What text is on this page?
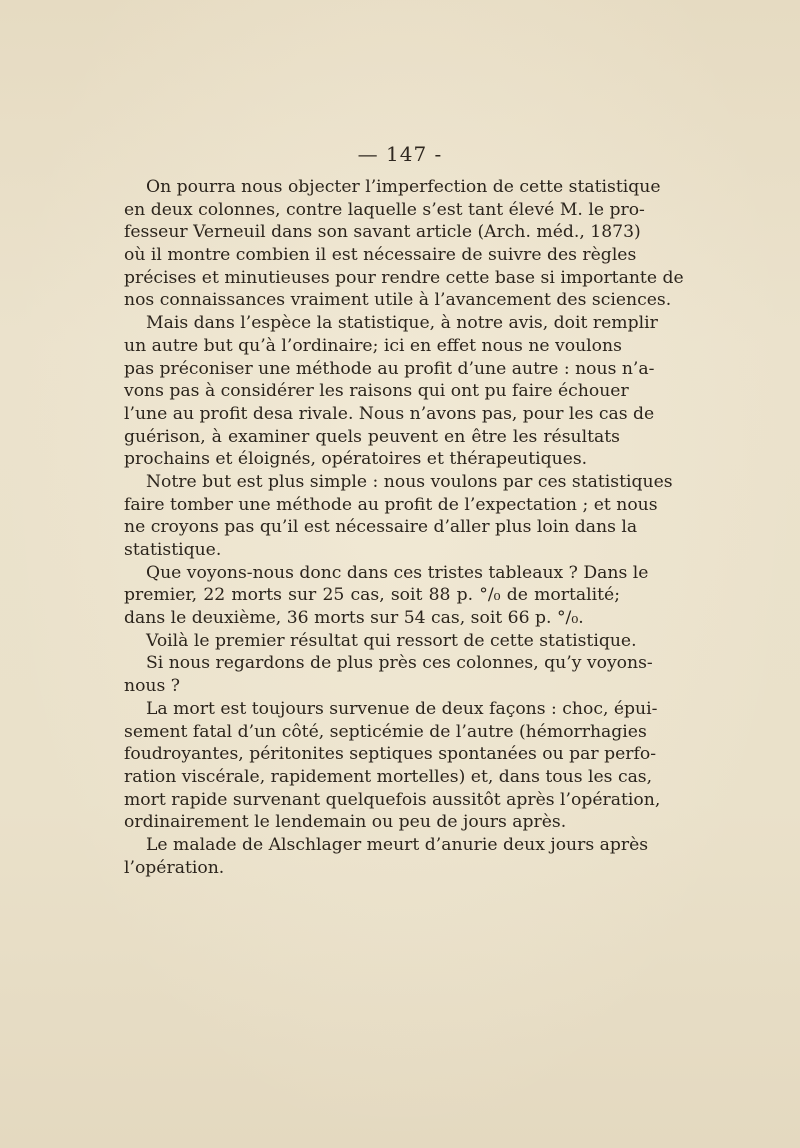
— 147 -
On pourra nous objecter l’imperfection de cette statistique
en deux colonnes, contre laquelle s’est tant élevé M. le pro-
fesseur Verneuil dans son savant article (Arch. méd., 1873)
où il montre combien il est nécessaire de suivre des règles
précises et minutieuses pour rendre cette base si importante de
nos connaissances vraiment utile à l’avancement des sciences.
Mais dans l’espèce la statistique, à notre avis, doit remplir
un autre but qu’à l’ordinaire; ici en effet nous ne voulons
pas préconiser une méthode au profit d’une autre : nous n’a-
vons pas à considérer les raisons qui ont pu faire échouer
l’une au profit desa rivale. Nous n’avons pas, pour les cas de
guérison, à examiner quels peuvent en être les résultats
prochains et éloignés, opératoires et thérapeutiques.
Notre but est plus simple : nous voulons par ces statistiques
faire tomber une méthode au profit de l’expectation ; et nous
ne croyons pas qu’il est nécessaire d’aller plus loin dans la
statistique.
Que voyons-nous donc dans ces tristes tableaux ? Dans le
premier, 22 morts sur 25 cas, soit 88 p. °/₀ de mortalité;
dans le deuxième, 36 morts sur 54 cas, soit 66 p. °/₀.
Voilà le premier résultat qui ressort de cette statistique.
Si nous regardons de plus près ces colonnes, qu’y voyons-
nous ?
La mort est toujours survenue de deux façons : choc, épui-
sement fatal d’un côté, septicémie de l’autre (hémorrhagies
foudroyantes, péritonites septiques spontanées ou par perfo-
ration viscérale, rapidement mortelles) et, dans tous les cas,
mort rapide survenant quelquefois aussitôt après l’opération,
ordinairement le lendemain ou peu de jours après.
Le malade de Alschlager meurt d’anurie deux jours après
l’opération.
